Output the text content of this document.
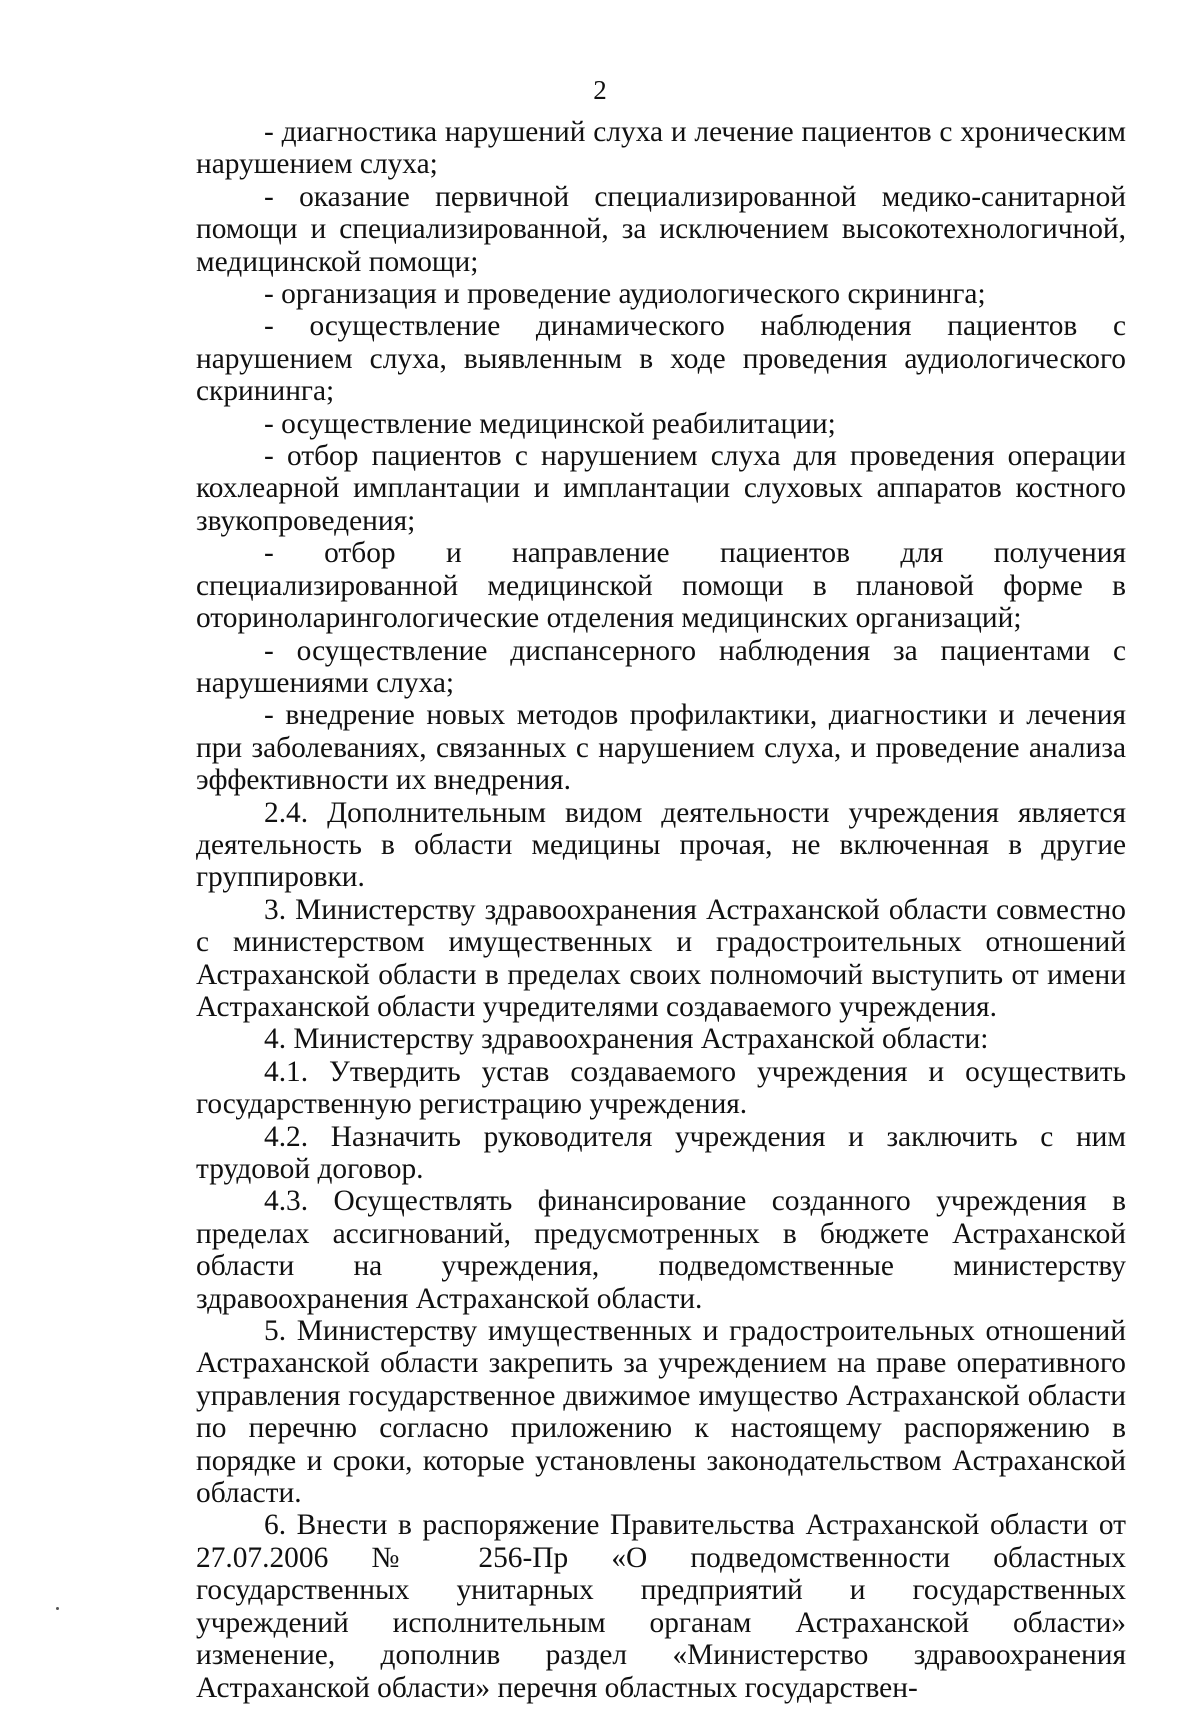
2

- диагностика нарушений слуха и лечение пациентов с хроническим нарушением слуха;

- оказание первичной специализированной медико-санитарной помощи и специализированной, за исключением высокотехнологичной, медицинской помощи;

- организация и проведение аудиологического скрининга;

- осуществление динамического наблюдения пациентов с нарушением слуха, выявленным в ходе проведения аудиологического скрининга;

- осуществление медицинской реабилитации;

- отбор пациентов с нарушением слуха для проведения операции кохлеарной имплантации и имплантации слуховых аппаратов костного звукопроведения;

- отбор и направление пациентов для получения специализированной медицинской помощи в плановой форме в оториноларингологические отделения медицинских организаций;

- осуществление диспансерного наблюдения за пациентами с нарушениями слуха;

- внедрение новых методов профилактики, диагностики и лечения при заболеваниях, связанных с нарушением слуха, и проведение анализа эффективности их внедрения.

2.4. Дополнительным видом деятельности учреждения является деятельность в области медицины прочая, не включенная в другие группировки.

3. Министерству здравоохранения Астраханской области совместно с министерством имущественных и градостроительных отношений Астраханской области в пределах своих полномочий выступить от имени Астраханской области учредителями создаваемого учреждения.

4. Министерству здравоохранения Астраханской области:

4.1. Утвердить устав создаваемого учреждения и осуществить государственную регистрацию учреждения.

4.2. Назначить руководителя учреждения и заключить с ним трудовой договор.

4.3. Осуществлять финансирование созданного учреждения в пределах ассигнований, предусмотренных в бюджете Астраханской области на учреждения, подведомственные министерству здравоохранения Астраханской области.

5. Министерству имущественных и градостроительных отношений Астраханской области закрепить за учреждением на праве оперативного управления государственное движимое имущество Астраханской области по перечню согласно приложению к настоящему распоряжению в порядке и сроки, которые установлены законодательством Астраханской области.

6. Внести в распоряжение Правительства Астраханской области от 27.07.2006 № 256-Пр «О подведомственности областных государственных унитарных предприятий и государственных учреждений исполнительным органам Астраханской области» изменение, дополнив раздел «Министерство здравоохранения Астраханской области» перечня областных государствен-
